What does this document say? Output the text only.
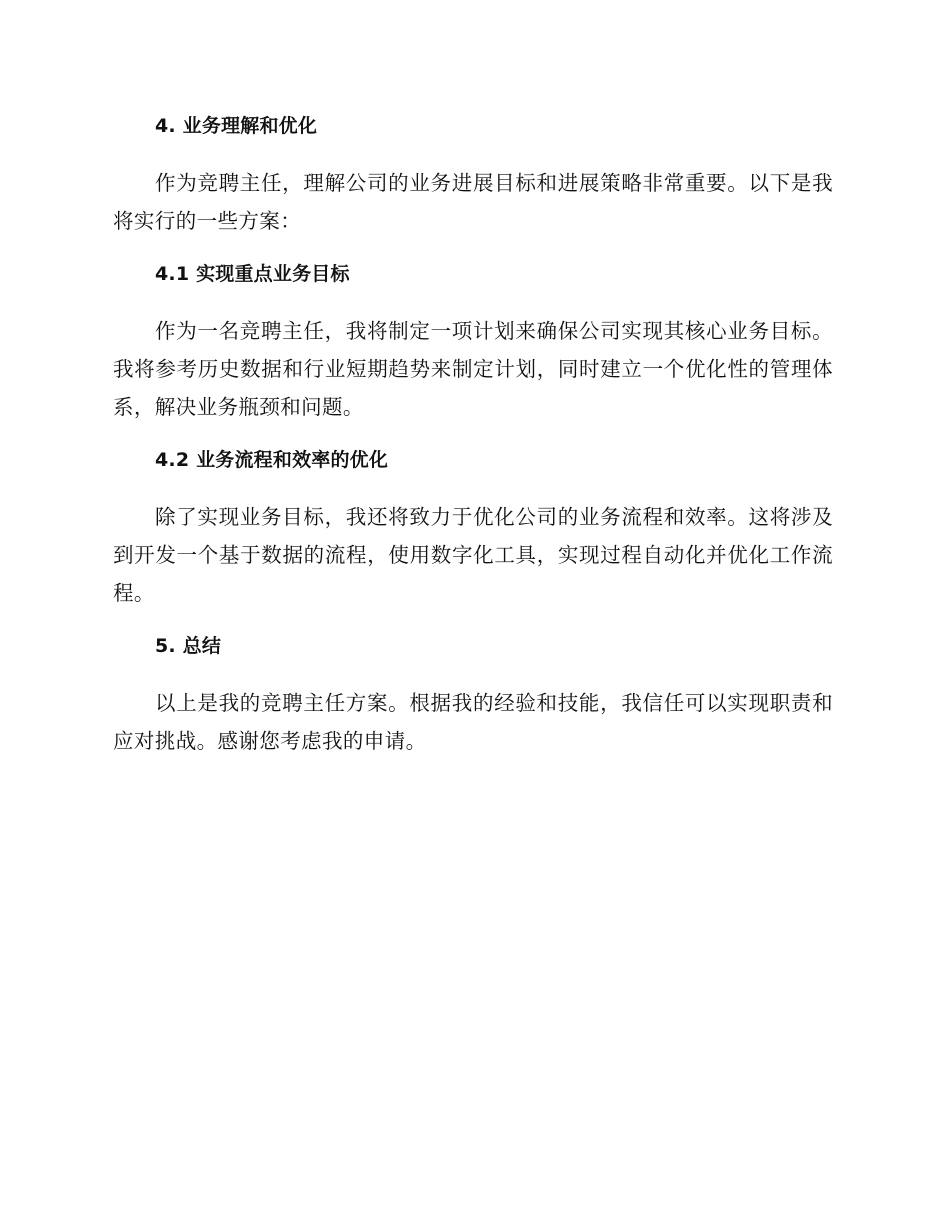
4. 业务理解和优化

作为竞聘主任，理解公司的业务进展目标和进展策略非常重要。以下是我将实行的一些方案：

4.1 实现重点业务目标

作为一名竞聘主任，我将制定一项计划来确保公司实现其核心业务目标。我将参考历史数据和行业短期趋势来制定计划，同时建立一个优化性的管理体系，解决业务瓶颈和问题。

4.2 业务流程和效率的优化

除了实现业务目标，我还将致力于优化公司的业务流程和效率。这将涉及到开发一个基于数据的流程，使用数字化工具，实现过程自动化并优化工作流程。

5. 总结

以上是我的竞聘主任方案。根据我的经验和技能，我信任可以实现职责和应对挑战。感谢您考虑我的申请。
